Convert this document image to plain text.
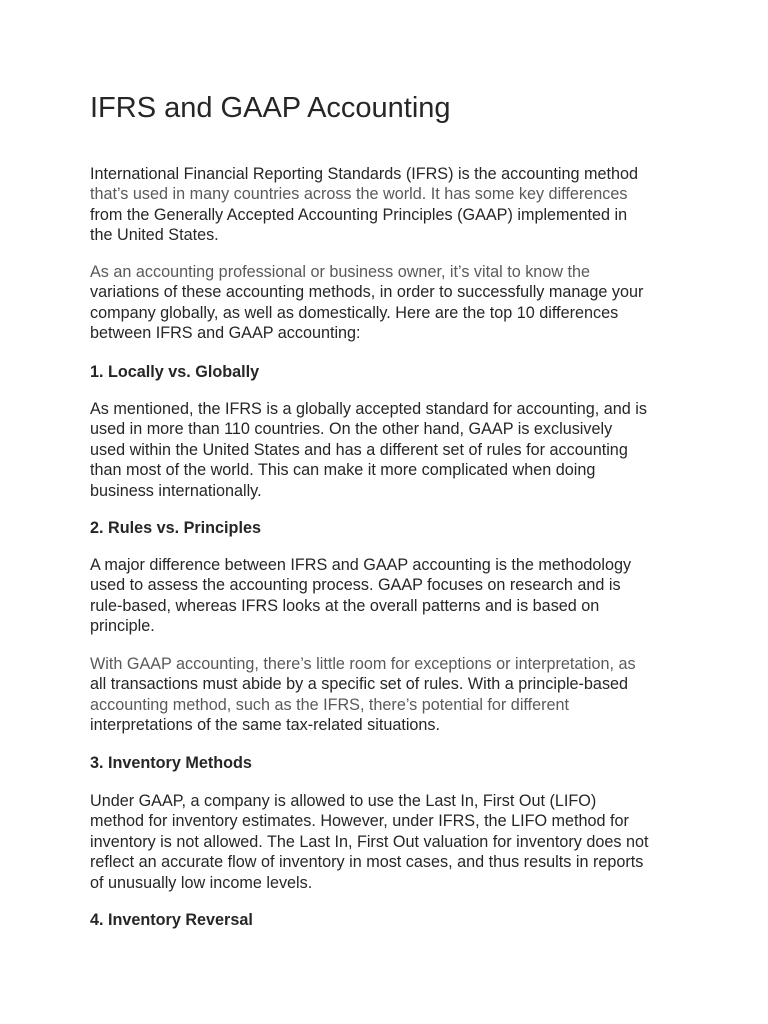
IFRS and GAAP Accounting
International Financial Reporting Standards (IFRS) is the accounting method
that’s used in many countries across the world. It has some key differences
from the Generally Accepted Accounting Principles (GAAP) implemented in
the United States.
As an accounting professional or business owner, it’s vital to know the
variations of these accounting methods, in order to successfully manage your
company globally, as well as domestically. Here are the top 10 differences
between IFRS and GAAP accounting:
1. Locally vs. Globally
As mentioned, the IFRS is a globally accepted standard for accounting, and is
used in more than 110 countries. On the other hand, GAAP is exclusively
used within the United States and has a different set of rules for accounting
than most of the world. This can make it more complicated when doing
business internationally.
2. Rules vs. Principles
A major difference between IFRS and GAAP accounting is the methodology
used to assess the accounting process. GAAP focuses on research and is
rule-based, whereas IFRS looks at the overall patterns and is based on
principle.
With GAAP accounting, there’s little room for exceptions or interpretation, as
all transactions must abide by a specific set of rules. With a principle-based
accounting method, such as the IFRS, there’s potential for different
interpretations of the same tax-related situations.
3. Inventory Methods
Under GAAP, a company is allowed to use the Last In, First Out (LIFO)
method for inventory estimates. However, under IFRS, the LIFO method for
inventory is not allowed. The Last In, First Out valuation for inventory does not
reflect an accurate flow of inventory in most cases, and thus results in reports
of unusually low income levels.
4. Inventory Reversal
